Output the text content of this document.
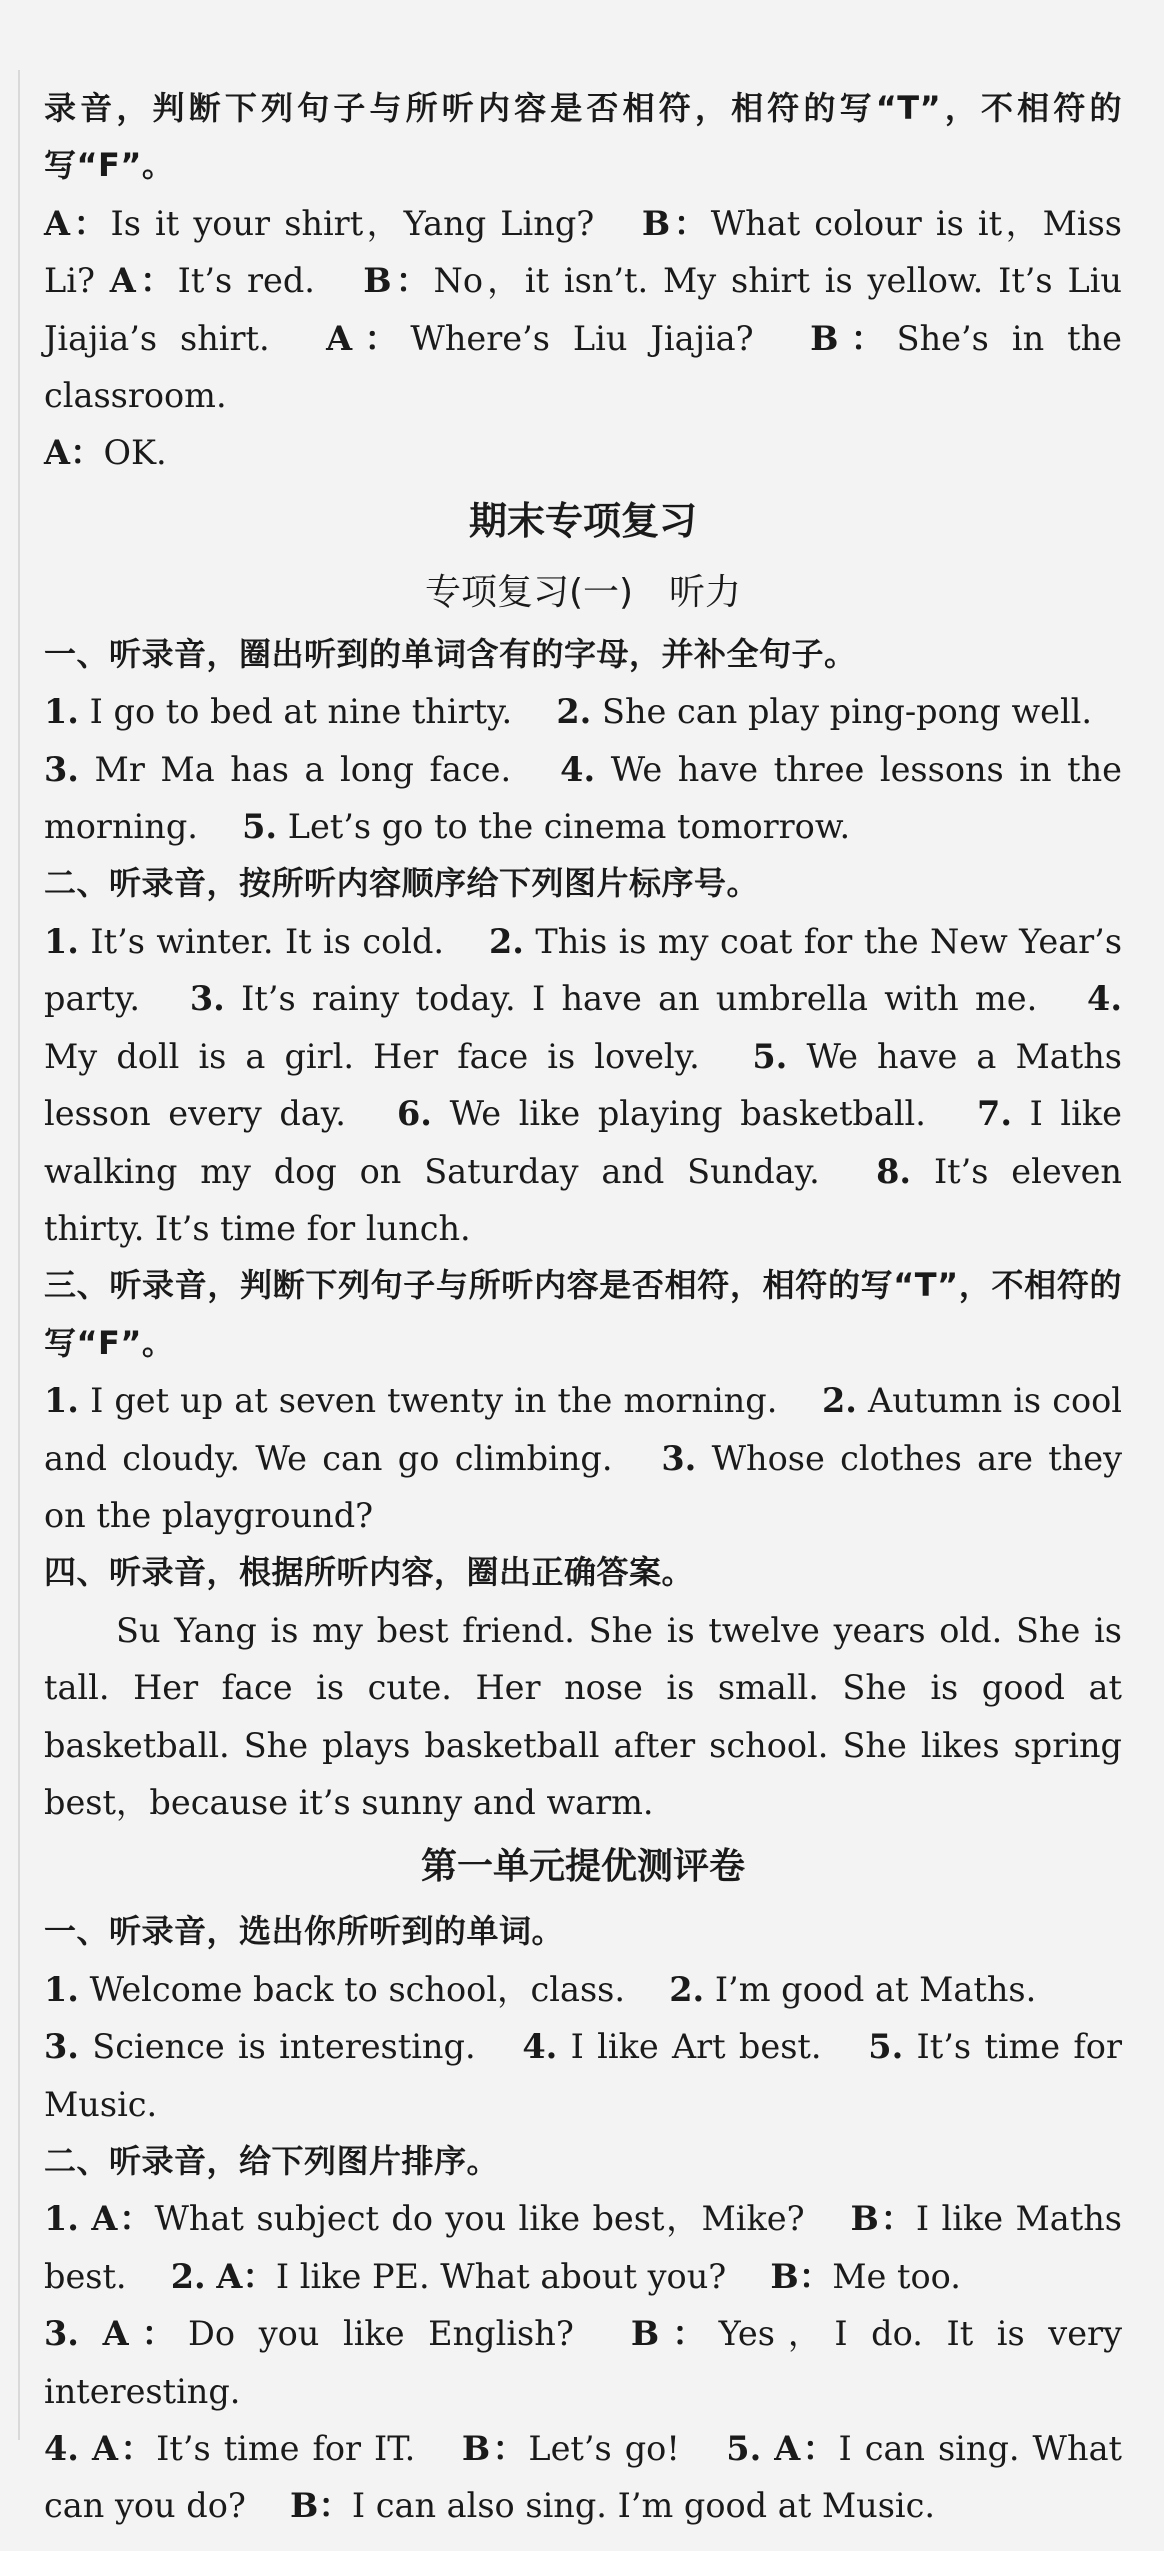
录音，判断下列句子与所听内容是否相符，相符的写“T”，不相符的写“F”。

A：Is it your shirt，Yang Ling?  B：What colour is it，Miss Li? A：It’s red.  B：No，it isn’t. My shirt is yellow. It’s Liu Jiajia’s shirt.  A：Where’s Liu Jiajia?  B：She’s in the classroom.
A：OK.

期末专项复习

专项复习(一)　听力

一、听录音，圈出听到的单词含有的字母，并补全句子。

1. I go to bed at nine thirty.  2. She can play ping-pong well.
3. Mr Ma has a long face.  4. We have three lessons in the morning.  5. Let’s go to the cinema tomorrow.

二、听录音，按所听内容顺序给下列图片标序号。

1. It’s winter. It is cold.  2. This is my coat for the New Year’s party.  3. It’s rainy today. I have an umbrella with me.  4. My doll is a girl. Her face is lovely.  5. We have a Maths lesson every day.  6. We like playing basketball.  7. I like walking my dog on Saturday and Sunday.  8. It’s eleven thirty. It’s time for lunch.

三、听录音，判断下列句子与所听内容是否相符，相符的写“T”，不相符的写“F”。

1. I get up at seven twenty in the morning.  2. Autumn is cool and cloudy. We can go climbing.  3. Whose clothes are they on the playground?

四、听录音，根据所听内容，圈出正确答案。

Su Yang is my best friend. She is twelve years old. She is tall. Her face is cute. Her nose is small. She is good at basketball. She plays basketball after school. She likes spring best，because it’s sunny and warm.

第一单元提优测评卷

一、听录音，选出你所听到的单词。

1. Welcome back to school，class.  2. I’m good at Maths.
3. Science is interesting.  4. I like Art best.  5. It’s time for Music.

二、听录音，给下列图片排序。

1. A：What subject do you like best，Mike?  B：I like Maths best.  2. A：I like PE. What about you?  B：Me too.
3. A：Do you like English?  B：Yes，I do. It is very interesting.
4. A：It’s time for IT.  B：Let’s go!  5. A：I can sing. What can you do?  B：I can also sing. I’m good at Music.
